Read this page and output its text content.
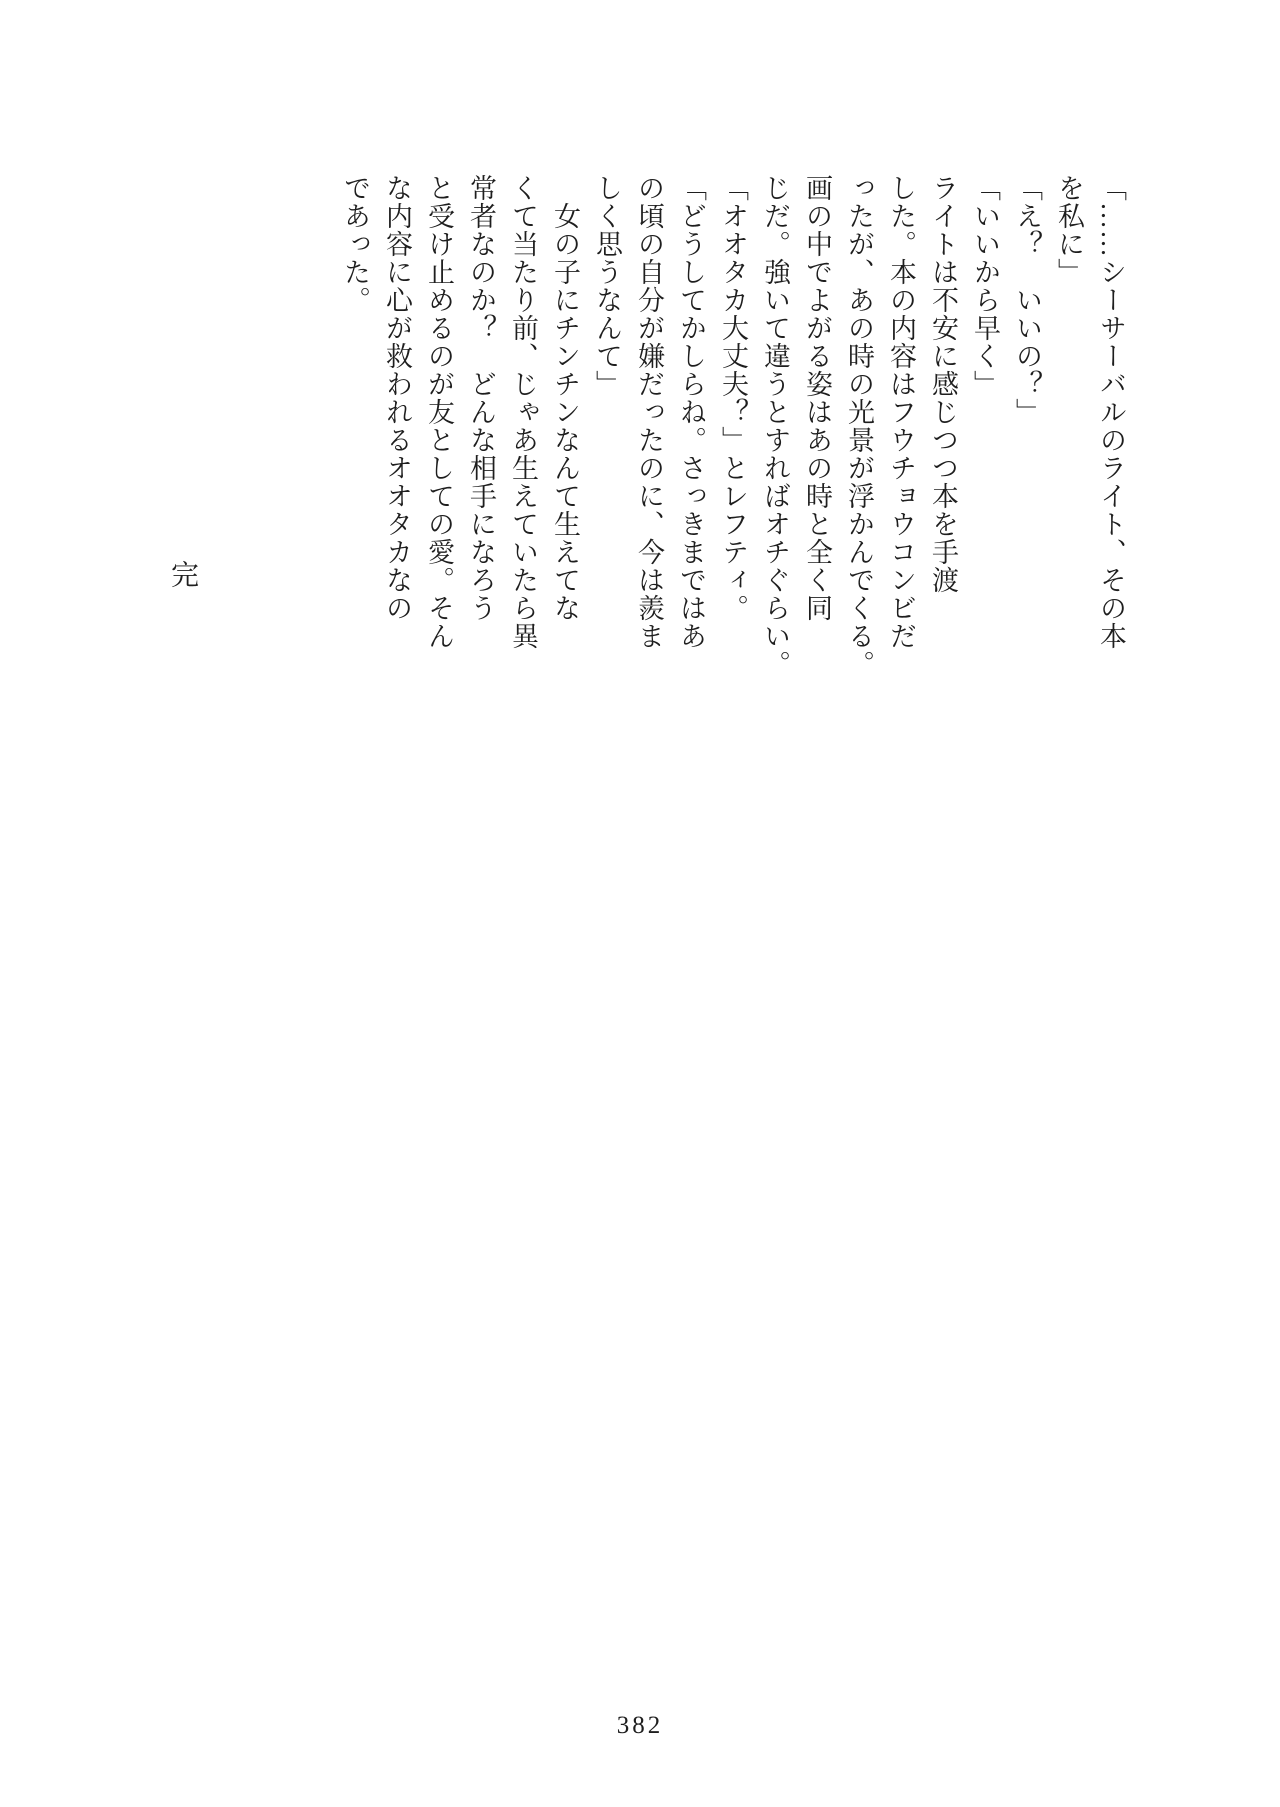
「……シーサーバルのライト、その本
を私に」
「え？　いいの？」
「いいから早く」
ライトは不安に感じつつ本を手渡
した。本の内容はフウチョウコンビだ
ったが、あの時の光景が浮かんでくる。
画の中でよがる姿はあの時と全く同
じだ。強いて違うとすればオチぐらい。
「オオタカ大丈夫？」とレフティ。
「どうしてかしらね。さっきまではあ
の頃の自分が嫌だったのに、今は羨ま
しく思うなんて」
　女の子にチンチンなんて生えてな
くて当たり前、じゃあ生えていたら異
常者なのか？　どんな相手になろう
と受け止めるのが友としての愛。そん
な内容に心が救われるオオタカなの
であった。
完
382
